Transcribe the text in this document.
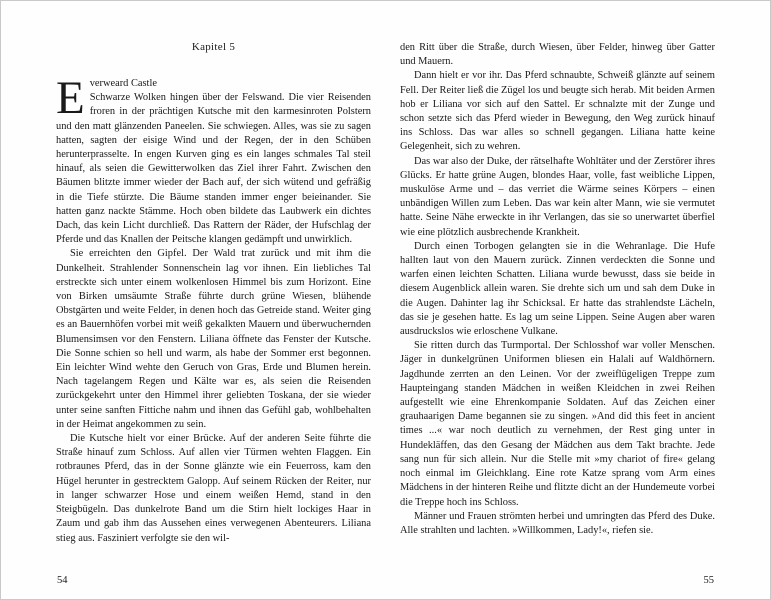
Kapitel 5

Everweard Castle
Schwarze Wolken hingen über der Felswand. Die vier Reisenden froren in der prächtigen Kutsche mit den karmesinroten Polstern und den matt glänzenden Paneelen. Sie schwiegen. Alles, was sie zu sagen hatten, sagten der eisige Wind und der Regen, der in den Schüben herunterprasselte. In engen Kurven ging es ein langes schmales Tal steil hinauf, als seien die Gewitterwolken das Ziel ihrer Fahrt. Zwischen den Bäumen blitzte immer wieder der Bach auf, der sich wütend und gefräßig in die Tiefe stürzte. Die Bäume standen immer enger beieinander. Sie hatten ganz nackte Stämme. Hoch oben bildete das Laubwerk ein dichtes Dach, das kein Licht durchließ. Das Rattern der Räder, der Hufschlag der Pferde und das Knallen der Peitsche klangen gedämpft und unwirklich.

Sie erreichten den Gipfel. Der Wald trat zurück und mit ihm die Dunkelheit. Strahlender Sonnenschein lag vor ihnen. Ein liebliches Tal erstreckte sich unter einem wolkenlosen Himmel bis zum Horizont. Eine von Birken umsäumte Straße führte durch grüne Wiesen, blühende Obstgärten und weite Felder, in denen hoch das Getreide stand. Weiter ging es an Bauernhöfen vorbei mit weiß gekalkten Mauern und überwuchernden Blumensimsen vor den Fenstern. Liliana öffnete das Fenster der Kutsche. Die Sonne schien so hell und warm, als habe der Sommer erst begonnen. Ein leichter Wind wehte den Geruch von Gras, Erde und Blumen herein. Nach tagelangem Regen und Kälte war es, als seien die Reisenden zurückgekehrt unter den Himmel ihrer geliebten Toskana, der sie wieder unter seine sanften Fittiche nahm und ihnen das Gefühl gab, wohlbehalten in der Heimat angekommen zu sein.

Die Kutsche hielt vor einer Brücke. Auf der anderen Seite führte die Straße hinauf zum Schloss. Auf allen vier Türmen wehten Flaggen. Ein rotbraunes Pferd, das in der Sonne glänzte wie ein Feuerross, kam den Hügel herunter in gestrecktem Galopp. Auf seinem Rücken der Reiter, nur in langer schwarzer Hose und einem weißen Hemd, stand in den Steigbügeln. Das dunkelrote Band um die Stirn hielt lockiges Haar in Zaum und gab ihm das Aussehen eines verwegenen Abenteurers. Liliana stieg aus. Fasziniert verfolgte sie den wil-

den Ritt über die Straße, durch Wiesen, über Felder, hinweg über Gatter und Mauern.

Dann hielt er vor ihr. Das Pferd schnaubte, Schweiß glänzte auf seinem Fell. Der Reiter ließ die Zügel los und beugte sich herab. Mit beiden Armen hob er Liliana vor sich auf den Sattel. Er schnalzte mit der Zunge und schon setzte sich das Pferd wieder in Bewegung, den Weg zurück hinauf ins Schloss. Das war alles so schnell gegangen. Liliana hatte keine Gelegenheit, sich zu wehren.

Das war also der Duke, der rätselhafte Wohltäter und der Zerstörer ihres Glücks. Er hatte grüne Augen, blondes Haar, volle, fast weibliche Lippen, muskulöse Arme und – das verriet die Wärme seines Körpers – einen unbändigen Willen zum Leben. Das war kein alter Mann, wie sie vermutet hatte. Seine Nähe erweckte in ihr Verlangen, das sie so unerwartet überfiel wie eine plötzlich ausbrechende Krankheit.

Durch einen Torbogen gelangten sie in die Wehranlage. Die Hufe hallten laut von den Mauern zurück. Zinnen verdeckten die Sonne und warfen einen leichten Schatten. Liliana wurde bewusst, dass sie beide in diesem Augenblick allein waren. Sie drehte sich um und sah dem Duke in die Augen. Dahinter lag ihr Schicksal. Er hatte das strahlendste Lächeln, das sie je gesehen hatte. Es lag um seine Lippen. Seine Augen aber waren ausdruckslos wie erloschene Vulkane.

Sie ritten durch das Turmportal. Der Schlosshof war voller Menschen. Jäger in dunkelgrünen Uniformen bliesen ein Halali auf Waldhörnern. Jagdhunde zerrten an den Leinen. Vor der zweiflügeligen Treppe zum Haupteingang standen Mädchen in weißen Kleidchen in zwei Reihen aufgestellt wie eine Ehrenkompanie Soldaten. Auf das Zeichen einer grauhaarigen Dame begannen sie zu singen. »And did this feet in ancient times ...« war noch deutlich zu vernehmen, der Rest ging unter in Hundekläffen, das den Gesang der Mädchen aus dem Takt brachte. Jede sang nun für sich allein. Nur die Stelle mit »my chariot of fire« gelang noch einmal im Gleichklang. Eine rote Katze sprang vom Arm eines Mädchens in der hinteren Reihe und flitzte dicht an der Hundemeute vorbei die Treppe hoch ins Schloss.

Männer und Frauen strömten herbei und umringten das Pferd des Duke. Alle strahlten und lachten. »Willkommen, Lady!«, riefen sie.

54	55
